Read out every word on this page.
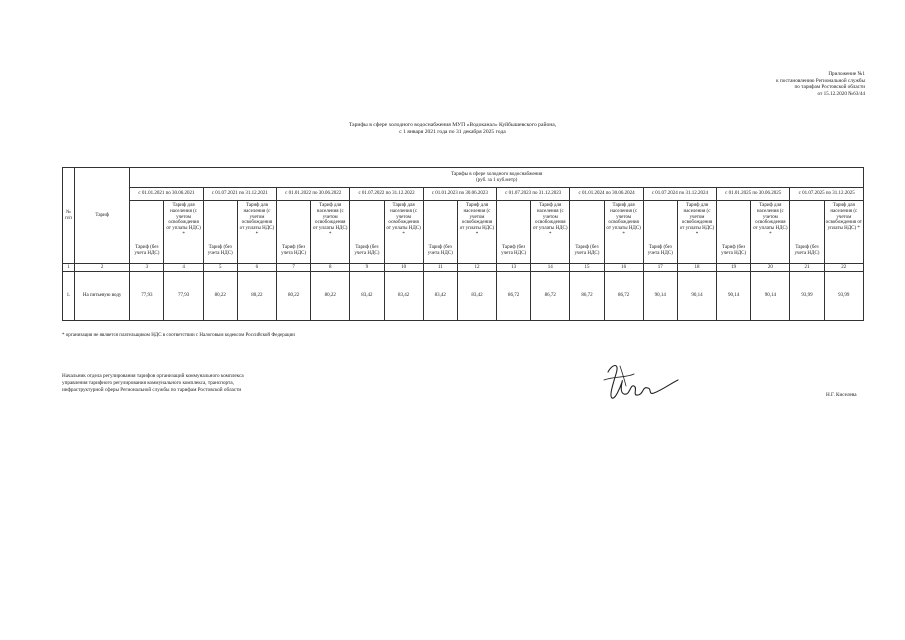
Приложение №1
к постановлению Региональной службы
по тарифам Ростовской области
от 15.12.2020 №63/44
Тарифы в сфере холодного водоснабжения МУП «Водоканал» Куйбышевского района,
с 1 января 2021 года по 31 декабря 2025 года
№ п/п	Тариф	Тарифы в сфере холодного водоснабжения
(руб. за 1 куб.метр)																			
		с 01.01.2021 по 30.06.2021		с 01.07.2021 по 31.12.2021		с 01.01.2022 по 30.06.2022		с 01.07.2022 по 31.12.2022		с 01.01.2023 по 30.06.2023		с 01.07.2023 по 31.12.2023		с 01.01.2024 по 30.06.2024		с 01.07.2024 по 31.12.2024		с 01.01.2025 по 30.06.2025		с 01.07.2025 по 31.12.2025	
		Тариф (без учета НДС)	Тариф для населения (с учетом освобождения от уплаты НДС) *	Тариф (без учета НДС)	Тариф для населения (с учетом освобождения от уплаты НДС) *	Тариф (без учета НДС)	Тариф для населения (с учетом освобождения от уплаты НДС) *	Тариф (без учета НДС)	Тариф для населения (с учетом освобождения от уплаты НДС) *	Тариф (без учета НДС)	Тариф для населения (с учетом освобождения от уплаты НДС) *	Тариф (без учета НДС)	Тариф для населения (с учетом освобождения от уплаты НДС) *	Тариф (без учета НДС)	Тариф для населения (с учетом освобождения от уплаты НДС) *	Тариф (без учета НДС)	Тариф для населения (с учетом освобождения от уплаты НДС) *	Тариф (без учета НДС)	Тариф для населения (с учетом освобождения от уплаты НДС) *	Тариф (без учета НДС)	Тариф для населения (с учетом освобождения от уплаты НДС) *
1	2	3	4	5	6	7	8	9	10	11	12	13	14	15	16	17	18	19	20	21	22
1.	На питьевую воду	77,93	77,93	80,22	80,22	80,22	80,22	83,42	83,42	83,42	83,42	86,72	86,72	86,72	86,72	90,14	90,14	90,14	90,14	93,99	93,99
* организация не является плательщиком НДС в соответствии с Налоговым кодексом Российской Федерации
Начальник отдела регулирования тарифов организаций коммунального комплекса
управления тарифного регулирования коммунального комплекса, транспорта,
инфраструктурной сферы Региональной службы по тарифам Ростовской области
Н.Г. Киселева
